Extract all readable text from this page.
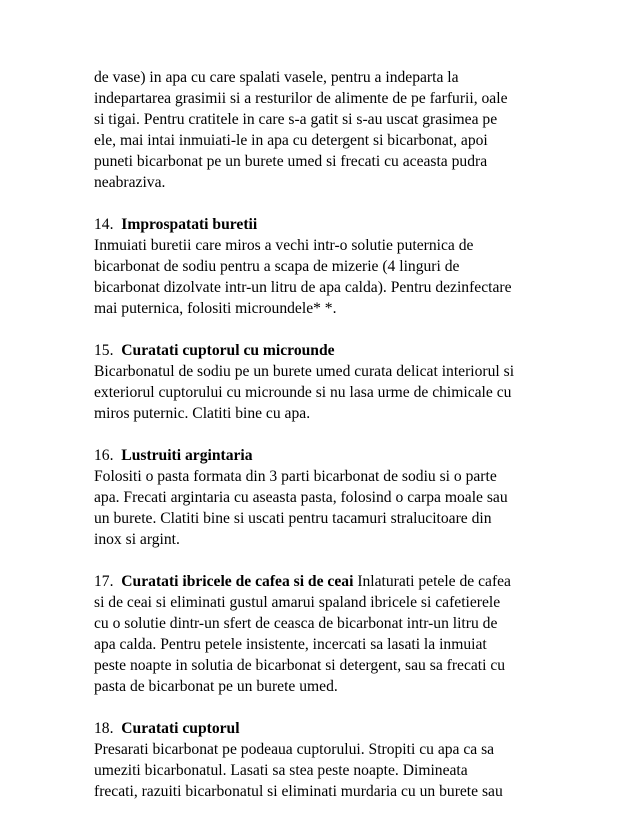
de vase) in apa cu care spalati vasele, pentru a indeparta la
indepartarea grasimii si a resturilor de alimente de pe farfurii, oale
si tigai. Pentru cratitele in care s-a gatit si s-au uscat grasimea pe
ele, mai intai inmuiati-le in apa cu detergent si bicarbonat, apoi
puneti bicarbonat pe un burete umed si frecati cu aceasta pudra
neabraziva.
14. Improspatati buretii
Inmuiati buretii care miros a vechi intr-o solutie puternica de
bicarbonat de sodiu pentru a scapa de mizerie (4 linguri de
bicarbonat dizolvate intr-un litru de apa calda). Pentru dezinfectare
mai puternica, folositi microundele* *.
15. Curatati cuptorul cu microunde
Bicarbonatul de sodiu pe un burete umed curata delicat interiorul si
exteriorul cuptorului cu microunde si nu lasa urme de chimicale cu
miros puternic. Clatiti bine cu apa.
16. Lustruiti argintaria
Folositi o pasta formata din 3 parti bicarbonat de sodiu si o parte
apa. Frecati argintaria cu aseasta pasta, folosind o carpa moale sau
un burete. Clatiti bine si uscati pentru tacamuri stralucitoare din
inox si argint.
17. Curatati ibricele de cafea si de ceai Inlaturati petele de cafea
si de ceai si eliminati gustul amarui spaland ibricele si cafetierele
cu o solutie dintr-un sfert de ceasca de bicarbonat intr-un litru de
apa calda. Pentru petele insistente, incercati sa lasati la inmuiat
peste noapte in solutia de bicarbonat si detergent, sau sa frecati cu
pasta de bicarbonat pe un burete umed.
18. Curatati cuptorul
Presarati bicarbonat pe podeaua cuptorului. Stropiti cu apa ca sa
umeziti bicarbonatul. Lasati sa stea peste noapte. Dimineata
frecati, razuiti bicarbonatul si eliminati murdaria cu un burete sau
